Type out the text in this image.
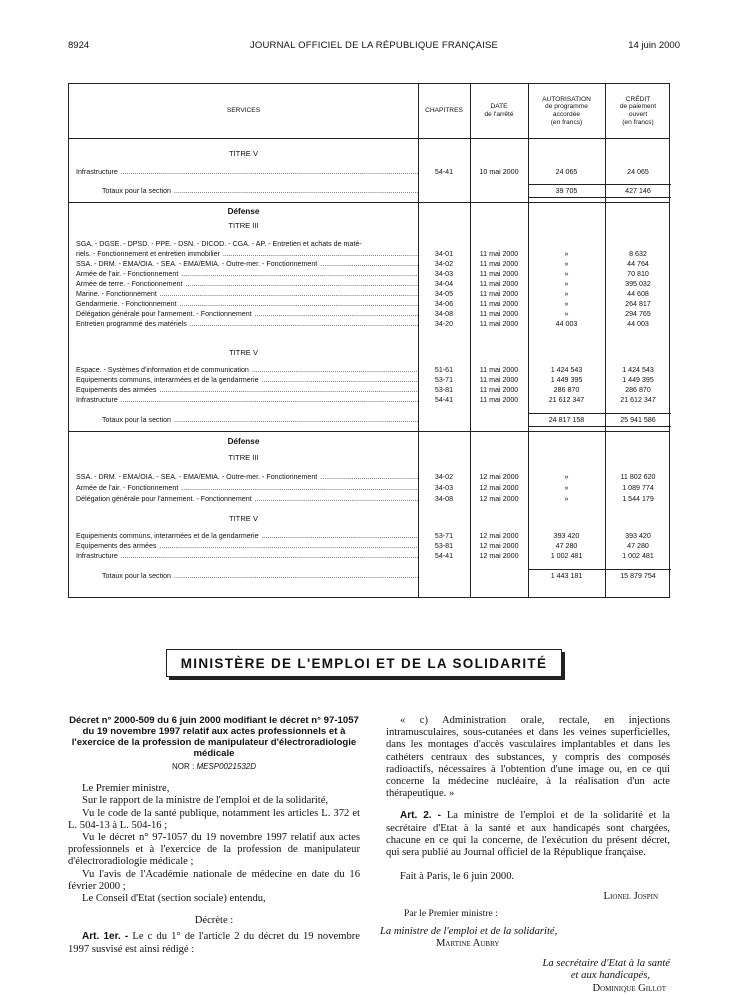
8924	JOURNAL OFFICIEL DE LA RÉPUBLIQUE FRANÇAISE	14 juin 2000
SERVICES	CHAPITRES
DATE
de l'arrêté
AUTORISATION
de programme
accordée
(en francs)
CRÉDIT
de paiement
ouvert
(en francs)
TITRE V
Infrastructure .....	54-41	10 mai 2000	24 065	24 065
Totaux pour la section .....	39 705	427 146
Défense
TITRE III
SGA. - DGSE. - DPSD. - PPE. - DSN. - DICOD. - CGA. - AP. - Entretien et achats de maté-
riels. - Fonctionnement et entretien immobilier .....	34-01	11 mai 2000	»	8 632
SSA. - DRM. - EMA/OIA. - SEA. - EMA/EMIA. - Outre-mer. - Fonctionnement .....	34-02	11 mai 2000	»	44 764
Armée de l'air. - Fonctionnement .....	34-03	11 mai 2000	»	70 810
Armée de terre. - Fonctionnement .....	34-04	11 mai 2000	»	395 032
Marine. - Fonctionnement .....	34-05	11 mai 2000	»	44 608
Gendarmerie. - Fonctionnement .....	34-06	11 mai 2000	»	264 817
Délégation générale pour l'armement. - Fonctionnement .....	34-08	11 mai 2000	»	294 765
Entretien programmé des matériels .....	34-20	11 mai 2000	44 003	44 003
TITRE V
Espace. - Systèmes d'information et de communication .....	51-61	11 mai 2000	1 424 543	1 424 543
Equipements communs, interarmées et de la gendarmerie .....	53-71	11 mai 2000	1 449 395	1 449 395
Equipements des armées .....	53-81	11 mai 2000	286 870	286 870
Infrastructure .....	54-41	11 mai 2000	21 612 347	21 612 347
Totaux pour la section .....	24 817 158	25 941 586
Défense
TITRE III
SSA. - DRM. - EMA/OIA. - SEA. - EMA/EMIA. - Outre-mer. - Fonctionnement .....	34-02	12 mai 2000	»	11 802 620
Armée de l'air. - Fonctionnement .....	34-03	12 mai 2000	»	1 089 774
Délégation générale pour l'armement. - Fonctionnement .....	34-08	12 mai 2000	»	1 544 179
TITRE V
Equipements communs, interarmées et de la gendarmerie .....	53-71	12 mai 2000	393 420	393 420
Equipements des armées .....	53-81	12 mai 2000	47 280	47 280
Infrastructure .....	54-41	12 mai 2000	1 002 481	1 002 481
Totaux pour la section .....	1 443 181	15 879 754
MINISTÈRE DE L'EMPLOI ET DE LA SOLIDARITÉ
Décret n° 2000-509 du 6 juin 2000 modifiant le décret n° 97-1057 du 19 novembre 1997 relatif aux actes professionnels et à l'exercice de la profession de manipulateur d'électroradiologie médicale
NOR : MESP0021532D

Le Premier ministre,

Sur le rapport de la ministre de l'emploi et de la solidarité,

Vu le code de la santé publique, notamment les articles L. 372 et L. 504-13 à L. 504-16 ;

Vu le décret n° 97-1057 du 19 novembre 1997 relatif aux actes professionnels et à l'exercice de la profession de manipulateur d'électroradiologie médicale ;

Vu l'avis de l'Académie nationale de médecine en date du 16 février 2000 ;

Le Conseil d'Etat (section sociale) entendu,

Décrète :

Art. 1er. - Le c du 1° de l'article 2 du décret du 19 novembre 1997 susvisé est ainsi rédigé :

« c) Administration orale, rectale, en injections intramusculaires, sous-cutanées et dans les veines superficielles, dans les montages d'accès vasculaires implantables et dans les cathéters centraux des substances, y compris des composés radioactifs, nécessaires à l'obtention d'une image ou, en ce qui concerne la médecine nucléaire, à la réalisation d'un acte thérapeutique. »

Art. 2. - La ministre de l'emploi et de la solidarité et la secrétaire d'Etat à la santé et aux handicapés sont chargées, chacune en ce qui la concerne, de l'exécution du présent décret, qui sera publié au Journal officiel de la République française.

Fait à Paris, le 6 juin 2000.

Lionel Jospin
Par le Premier ministre :
La ministre de l'emploi et de la solidarité,
Martine Aubry
La secrétaire d'Etat à la santé
et aux handicapés,
Dominique Gillot
